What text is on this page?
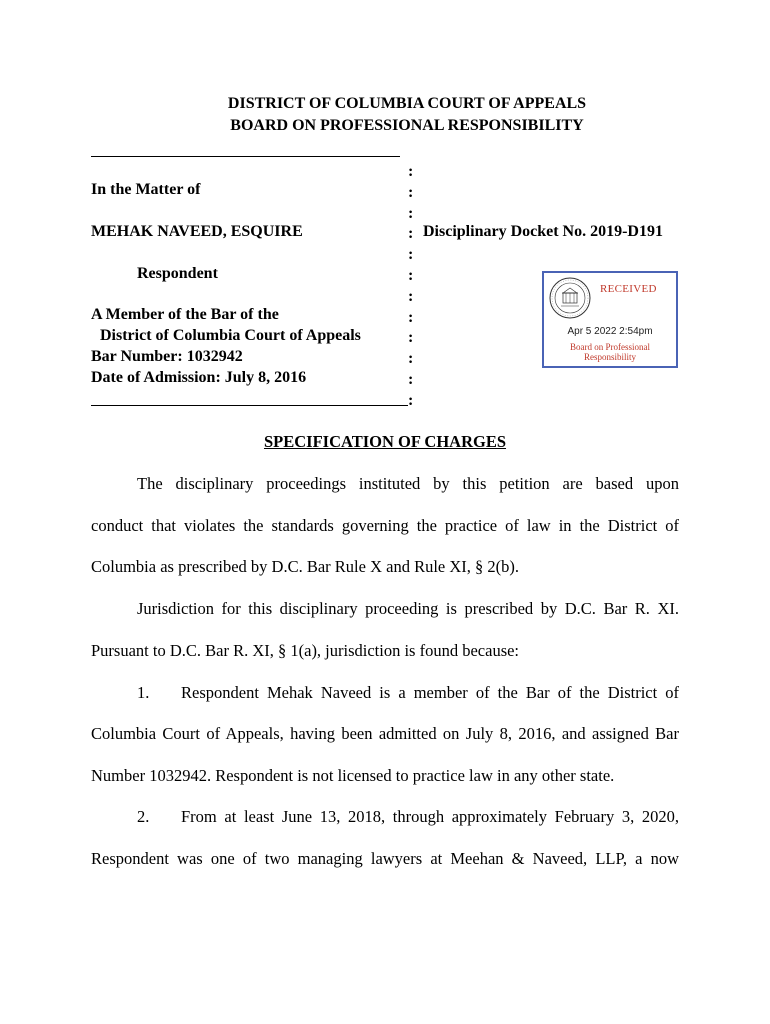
DISTRICT OF COLUMBIA COURT OF APPEALS
BOARD ON PROFESSIONAL RESPONSIBILITY
In the Matter of
MEHAK NAVEED, ESQUIRE
Respondent
A Member of the Bar of the
District of Columbia Court of Appeals
Bar Number: 1032942
Date of Admission: July 8, 2016
:
:
:
:
:
:
:
:
:
:
:
:
Disciplinary Docket No. 2019-D191
RECEIVED
Apr 5 2022 2:54pm
Board on Professional Responsibility
SPECIFICATION OF CHARGES
The disciplinary proceedings instituted by this petition are based upon
conduct that violates the standards governing the practice of law in the District of
Columbia as prescribed by D.C. Bar Rule X and Rule XI, § 2(b).
Jurisdiction for this disciplinary proceeding is prescribed by D.C. Bar R. XI.
Pursuant to D.C. Bar R. XI, § 1(a), jurisdiction is found because:
1. Respondent Mehak Naveed is a member of the Bar of the District of
Columbia Court of Appeals, having been admitted on July 8, 2016, and assigned Bar
Number 1032942. Respondent is not licensed to practice law in any other state.
2. From at least June 13, 2018, through approximately February 3, 2020,
Respondent was one of two managing lawyers at Meehan & Naveed, LLP, a now
